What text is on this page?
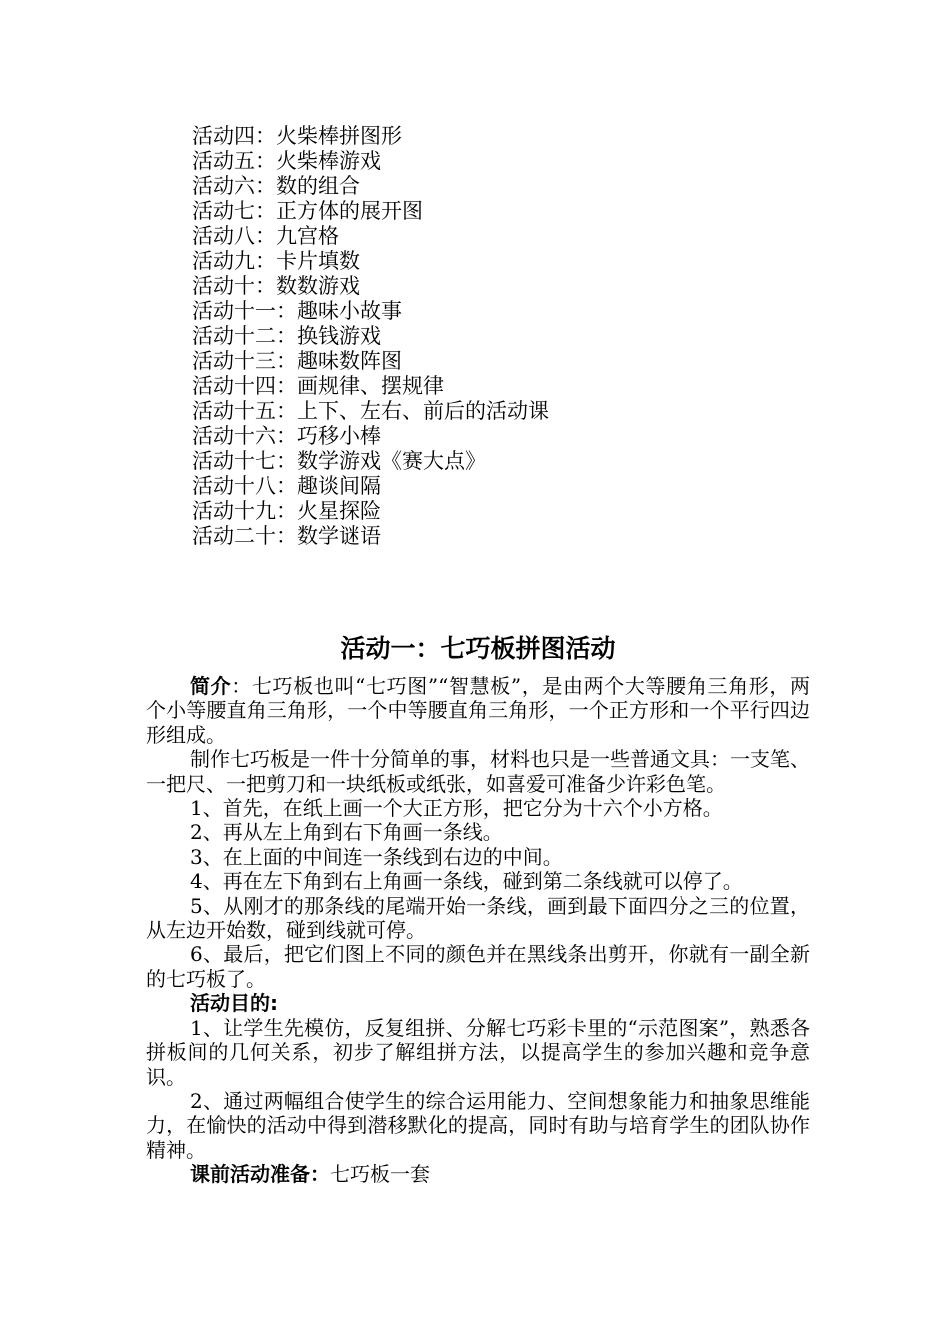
活动四：火柴棒拼图形
活动五：火柴棒游戏
活动六：数的组合
活动七：正方体的展开图
活动八：九宫格
活动九：卡片填数
活动十：数数游戏
活动十一：趣味小故事
活动十二：换钱游戏
活动十三：趣味数阵图
活动十四：画规律、摆规律
活动十五：上下、左右、前后的活动课
活动十六：巧移小棒
活动十七：数学游戏《赛大点》
活动十八：趣谈间隔
活动十九：火星探险
活动二十：数学谜语
活动一：七巧板拼图活动

简介：七巧板也叫“七巧图”“智慧板”，是由两个大等腰角三角形，两个小等腰直角三角形，一个中等腰直角三角形，一个正方形和一个平行四边形组成。

制作七巧板是一件十分简单的事，材料也只是一些普通文具：一支笔、一把尺、一把剪刀和一块纸板或纸张，如喜爱可准备少许彩色笔。

1、首先，在纸上画一个大正方形，把它分为十六个小方格。

2、再从左上角到右下角画一条线。

3、在上面的中间连一条线到右边的中间。

4、再在左下角到右上角画一条线，碰到第二条线就可以停了。

5、从刚才的那条线的尾端开始一条线，画到最下面四分之三的位置，从左边开始数，碰到线就可停。

6、最后，把它们图上不同的颜色并在黑线条出剪开，你就有一副全新的七巧板了。

活动目的:

1、让学生先模仿，反复组拼、分解七巧彩卡里的“示范图案”，熟悉各拼板间的几何关系，初步了解组拼方法，以提高学生的参加兴趣和竞争意识。

2、通过两幅组合使学生的综合运用能力、空间想象能力和抽象思维能力，在愉快的活动中得到潜移默化的提高，同时有助与培育学生的团队协作精神。

课前活动准备：七巧板一套
